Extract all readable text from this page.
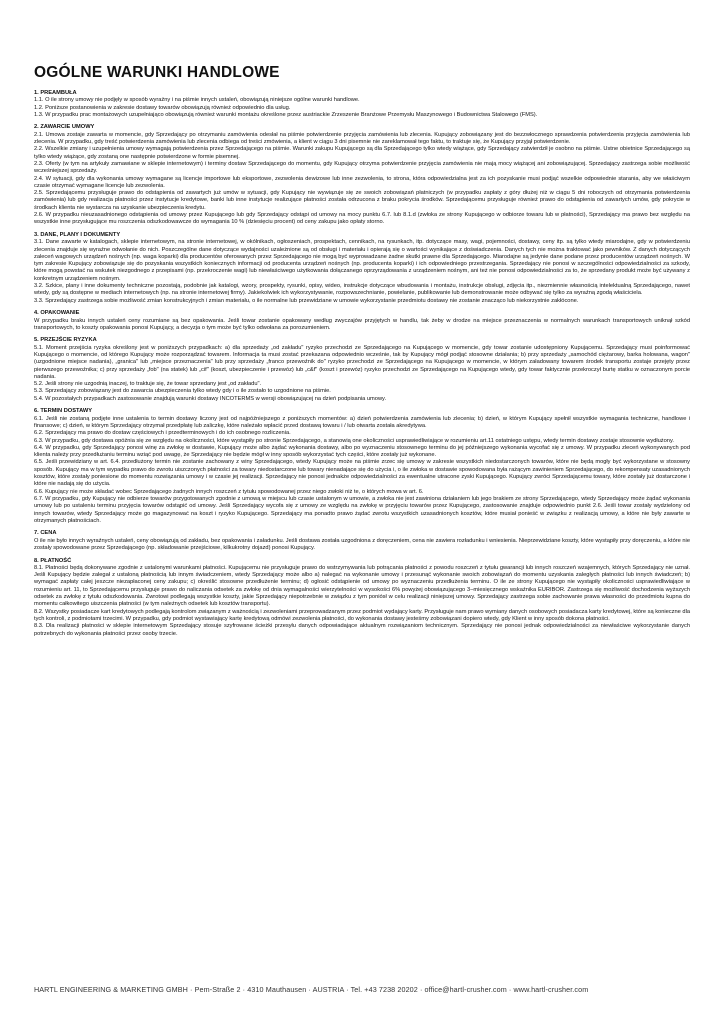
OGÓLNE WARUNKI HANDLOWE

1. PREAMBUŁA

1.1. O ile strony umowy nie podjęły w sposób wyraźny i na piśmie innych ustaleń, obowiązują niniejsze ogólne warunki handlowe.

1.2. Poniższe postanowienia w zakresie dostawy towarów obowiązują również odpowiednio dla usług.

1.3. W przypadku prac montażowych uzupełniająco obowiązują również warunki montażu określone przez austriackie Zrzeszenie Branżowe Przemysłu Maszynowego i Budownictwa Stalowego (FMS).

2. ZAWARCIE UMOWY

2.1. Umowa zostaje zawarta w momencie, gdy Sprzedający po otrzymaniu zamówienia odesłał na piśmie potwierdzenie przyjęcia zamówienia lub zlecenia. Kupujący zobowiązany jest do bezzwłocznego sprawdzenia potwierdzenia przyjęcia zamówienia lub zlecenia. W przypadku, gdy treść potwierdzenia zamówienia lub zlecenia odbiega od treści zmówienia, a klient w ciągu 3 dni pisemnie nie zareklamował tego faktu, to traktuje się, że Kupujący przyjął potwierdzenie.

2.2. Wszelkie zmiany i uzupełnienia umowy wymagają potwierdzenia przez Sprzedającego na piśmie. Warunki zakupu Kupującego są dla Sprzedającego tylko wtedy wiążące, gdy Sprzedający zatwierdził je osobno na piśmie. Ustne obietnice Sprzedającego są tylko wtedy wiążące, gdy zostaną one następnie potwierdzone w formie pisemnej.

2.3. Oferty (w tym na artykuły zamawiane w sklepie internetowym) i terminy dostaw Sprzedającego do momentu, gdy Kupujący otrzyma potwierdzenie przyjęcia zamówienia nie mają mocy wiążącej ani zobowiązującej. Sprzedający zastrzega sobie możliwość wcześniejszej sprzedaży.

2.4. W sytuacji, gdy dla wykonania umowy wymagane są licencje importowe lub eksportowe, zezwolenia dewizowe lub inne zezwolenia, to strona, która odpowiedzialna jest za ich pozyskanie musi podjąć wszelkie odpowiednie starania, aby we właściwym czasie otrzymać wymagane licencje lub zezwolenia.

2.5. Sprzedającemu przysługuje prawo do odstąpienia od zawartych już umów w sytuacji, gdy Kupujący nie wywiązuje się ze swoich zobowiązań płatniczych (w przypadku zapłaty z góry dłużej niż w ciągu 5 dni roboczych od otrzymania potwierdzenia zamówienia) lub gdy realizacja płatności przez instytucje kredytowe, banki lub inne instytucje realizujące płatności została odrzucona z braku pokrycia środków. Sprzedającemu przysługuje również prawo do odstąpienia od zawartych umów, gdy pokrycie w środkach klienta nie wystarcza na uzyskanie ubezpieczenia kredytu.

2.6. W przypadku nieuzasadnionego odstąpienia od umowy przez Kupującego lub gdy Sprzedający odstąpi od umowy na mocy punktu 6.7. lub 8.1.d (zwłoka ze strony Kupującego w odbiorze towaru lub w płatności), Sprzedający ma prawo bez względu na wszystkie inne przysługujące mu roszczenia odszkodowawcze do wymagania 10 % (dziesięciu procent) od ceny zakupu jako opłaty storno.

3. DANE, PLANY I DOKUMENTY

3.1. Dane zawarte w katalogach, sklepie internetowym, na stronie internetowej, w okólnikach, ogłoszeniach, prospektach, cennikach, na rysunkach, itp. dotyczące masy, wagi, pojemności, dostawy, ceny itp. są tylko wtedy miarodajne, gdy w potwierdzeniu zlecenia znajduje się wyraźne odwołanie do nich. Poszczególne dane dotyczące wydajności uzależnione są od obsługi i materiału i opierają się o wartości wynikające z doświadczenia. Danych tych nie można traktować jako pewników. Z danych dotyczących zaleceń wagowych urządzeń nośnych (np. waga koparki) dla producentów oferowanych przez Sprzedającego nie mogą być wyprowadzane żadne skutki prawne dla Sprzedającego. Miarodajne są jedynie dane podane przez producentów urządzeń nośnych. W tym zakresie Kupujący zobowiązuje się do pozyskania wszystkich koniecznych informacji od producenta urządzeń nośnych (np. producenta koparki) i ich odpowiedniego przestrzegania. Sprzedający nie ponosi w szczególności odpowiedzialności za szkody, które mogą powstać na wskutek niezgodnego z przepisami (np. przekroczenie wagi) lub niewłaściwego użytkowania dołączanego oprzyrządowania z urządzeniem nośnym, ani też nie ponosi odpowiedzialności za to, że sprzedany produkt może być używany z konkretnym urządzeniem nośnym.

3.2. Szkice, plany i inne dokumenty techniczne pozostają, podobnie jak katalogi, wzory, prospekty, rysunki, opisy, wideo, instrukcje dotyczące wbudowania i montażu, instrukcje obsługi, zdjęcia itp., niezmiennie własnością intelektualną Sprzedającego, nawet wtedy, gdy są dostępne w mediach internetowych (np. na stronie internetowej firmy). Jakiekolwiek ich wykorzystywanie, rozpowszechnianie, powielanie, publikowanie lub demonstrowanie może odbywać się tylko za wyraźną zgodą właściciela.

3.3. Sprzedający zastrzega sobie możliwość zmian konstrukcyjnych i zmian materiału, o ile normalne lub przewidziane w umowie wykorzystanie przedmiotu dostawy nie zostanie znacząco lub niekorzystnie zakłócone.

4. OPAKOWANIE

W przypadku braku innych ustaleń ceny rozumiane są bez opakowania. Jeśli towar zostanie opakowany według zwyczajów przyjętych w handlu, tak żeby w drodze na miejsce przeznaczenia w normalnych warunkach transportowych uniknął szkód transportowych, to koszty opakowania ponosi Kupujący, a decyzja o tym może być tylko odwołana za porozumieniem.

5. PRZEJŚCIE RYZYKA

5.1. Moment przejścia ryzyka określony jest w poniższych przypadkach: a) dla sprzedaży „od zakładu" ryzyko przechodzi ze Sprzedającego na Kupującego w momencie, gdy towar zostanie udostępniony Kupującemu. Sprzedający musi poinformować Kupującego o momencie, od którego Kupujący może rozporządzać towarem. Informacja ta musi zostać przekazana odpowiednio wcześnie, tak by Kupujący mógł podjąć stosowne działania; b) przy sprzedaży „samochód ciężarowy, barka holowana, wagon" (uzgodnione miejsce nadania), „granica" lub „miejsce przeznaczenia" lub przy sprzedaży „franco przewoźnik do" ryzyko przechodzi ze Sprzedającego na Kupującego w momencie, w którym załadowany towarem środek transportu zostaje przejęty przez pierwszego przewoźnika; c) przy sprzedaży „fob" (na statek) lub „cif" (koszt, ubezpieczenie i przewóz) lub „c&f" (koszt i przewóz) ryzyko przechodzi ze Sprzedającego na Kupującego wtedy, gdy towar faktycznie przekroczył burtę statku w oznaczonym porcie nadania.

5.2. Jeśli strony nie uzgodnią inaczej, to traktuje się, że towar sprzedany jest „od zakładu".

5.3. Sprzedający zobowiązany jest do zawarcia ubezpieczenia tylko wtedy gdy i o ile zostało to uzgodnione na piśmie.

5.4. W pozostałych przypadkach zastosowanie znajdują warunki dostawy INCOTERMS w wersji obowiązującej na dzień podpisania umowy.

6. TERMIN DOSTAWY

6.1. Jeśli nie zostaną podjęte inne ustalenia to termin dostawy liczony jest od najpóźniejszego z poniższych momentów: a) dzień potwierdzenia zamówienia lub zlecenia; b) dzień, w którym Kupujący spełnił wszystkie wymagania techniczne, handlowe i finansowe; c) dzień, w którym Sprzedający otrzymał przedpłatę lub zaliczkę, które należało wpłacić przed dostawą towaru i / lub otwarta została akredytywa.

6.2. Sprzedający ma prawo do dostaw częściowych i przedterminowych i do ich osobnego rozliczenia.

6.3. W przypadku, gdy dostawa opóźnia się ze względu na okoliczności, które wystąpiły po stronie Sprzedającego, a stanowią one okoliczności usprawiedliwiające w rozumieniu art.11 ostatniego ustępu, wtedy termin dostawy zostaje stosownie wydłużony.

6.4. W przypadku, gdy Sprzedający ponosi winę za zwłokę w dostawie, Kupujący może albo żądać wykonania dostawy, albo po wyznaczeniu stosownego terminu do jej późniejszego wykonania wycofać się z umowy. W przypadku zleceń wykonywanych pod klienta należy przy przedłużaniu terminu wziąć pod uwagę, że Sprzedający nie będzie mógł w inny sposób wykorzystać tych części, które zostały już wykonane.

6.5. Jeśli przewidziany w art. 6.4. przedłużony termin nie zostanie zachowany z winy Sprzedającego, wtedy Kupujący może na piśmie zrzec się umowy w zakresie wszystkich niedostarczonych towarów, które nie będą mogły być wykorzystane w stosowny sposób. Kupujący ma w tym wypadku prawo do zwrotu uiszczonych płatności za towary niedostarczone lub towary nienadające się do użycia i, o ile zwłoka w dostawie spowodowana była rażącym zawinieniem Sprzedającego, do rekompensaty uzasadnionych kosztów, które zostały poniesione do momentu rozwiązania umowy i w czasie jej realizacji. Sprzedający nie ponosi jednakże odpowiedzialności za ewentualne utracone zyski Kupującego. Kupujący zwróci Sprzedającemu towary, które zostały już dostarczone i które nie nadają się do użycia.

6.6. Kupujący nie może składać wobec Sprzedającego żadnych innych roszczeń z tytułu spowodowanej przez niego zwłoki niż te, o których mowa w art. 6.

6.7. W przypadku, gdy Kupujący nie odbierze towarów przygotowanych zgodnie z umową w miejscu lub czasie ustalonym w umowie, a zwłoka nie jest zawiniona działaniem lub jego brakiem ze strony Sprzedającego, wtedy Sprzedający może żądać wykonania umowy lub po ustaleniu terminu przyjęcia towarów odstąpić od umowy. Jeśli Sprzedający wycofa się z umowy ze względu na zwłokę w przyjęciu towarów przez Kupującego, zastosowanie znajduje odpowiednio punkt 2.6. Jeśli towar zostały wydzielony od innych towarów, wtedy Sprzedający może go magazynować na koszt i ryzyko Kupującego. Sprzedający ma ponadto prawo żądać zwrotu wszystkich uzasadnionych kosztów, które musiał ponieść w związku z realizacją umowy, a które nie były zawarte w otrzymanych płatnościach.

7. CENA

O ile nie było innych wyraźnych ustaleń, ceny obowiązują od zakładu, bez opakowania i załadunku. Jeśli dostawa została uzgodniona z doręczeniem, cena nie zawiera rozładunku i wniesienia. Nieprzewidziane koszty, które wystąpiły przy doręczeniu, a które nie zostały spowodowane przez Sprzedającego (np. składowanie przejściowe, kilkukrotny dojazd) ponosi Kupujący.

8. PŁATNOŚĆ

8.1. Płatności będą dokonywane zgodnie z ustalonymi warunkami płatności. Kupującemu nie przysługuje prawo do wstrzymywania lub potrącania płatności z powodu roszczeń z tytułu gwarancji lub innych roszczeń wzajemnych, których Sprzedający nie uznał. Jeśli Kupujący będzie zalegał z ustaloną płatnością lub innym świadczeniem, wtedy Sprzedający może albo a) nalegać na wykonanie umowy i przesunąć wykonanie swoich zobowiązań do momentu uzyskania zaległych płatności lub innych świadczeń; b) wymagać zapłaty całej jeszcze niezapłaconej ceny zakupu; c) określić stosowne przedłużenie terminu; d) ogłosić odstąpienie od umowy po wyznaczeniu przedłużenia terminu. O ile ze strony Kupującego nie wystąpiły okoliczności usprawiedliwiające w rozumieniu art. 11, to Sprzedającemu przysługuje prawo do naliczania odsetek za zwłokę od dnia wymagalności wierzytelności w wysokości 6% powyżej obowiązującego 3–miesięcznego wskaźnika EURIBOR. Zastrzega się możliwość dochodzenia wyższych odsetek za zwłokę z tytułu odszkodowania. Zwrotowi podlegają wszystkie koszty, jakie Sprzedający niepotrzebnie w związku z tym poniósł w celu realizacji niniejszej umowy. Sprzedający zastrzega sobie zachowanie prawa własności do przedmiotu kupna do momentu całkowitego uiszczenia płatności (w tym należnych odsetek lub kosztów transportu).

8.2. Wszystky posiadacze kart kredytowych podlegają kontrolom związanym z ważnością i zezwoleniami przeprowadzanym przez podmiot wydający karty. Przysługuje nam prawo wymiany danych osobowych posiadacza karty kredytowej, które są konieczne dla tych kontroli, z podmiotami trzecimi. W przypadku, gdy podmiot wystawiający kartę kredytową odmówi zezwolenia płatności, do wykonania dostawy jesteśmy zobowiązani dopiero wtedy, gdy Klient w inny sposób dokona płatności.

8.3. Dla realizacji płatności w sklepie internetowym Sprzedający stosuje szyfrowane ścieżki przesyłu danych odpowiadające aktualnym rozwiązaniom technicznym. Sprzedający nie ponosi jednak odpowiedzialności za niewłaściwe wykorzystanie danych potrzebnych do wykonania płatności przez osoby trzecie.

HARTL ENGINEERING & MARKETING GMBH · Pem-Straße 2 · 4310 Mauthausen · AUSTRIA · Tel. +43 7238 20202 · office@hartl-crusher.com · www.hartl-crusher.com
